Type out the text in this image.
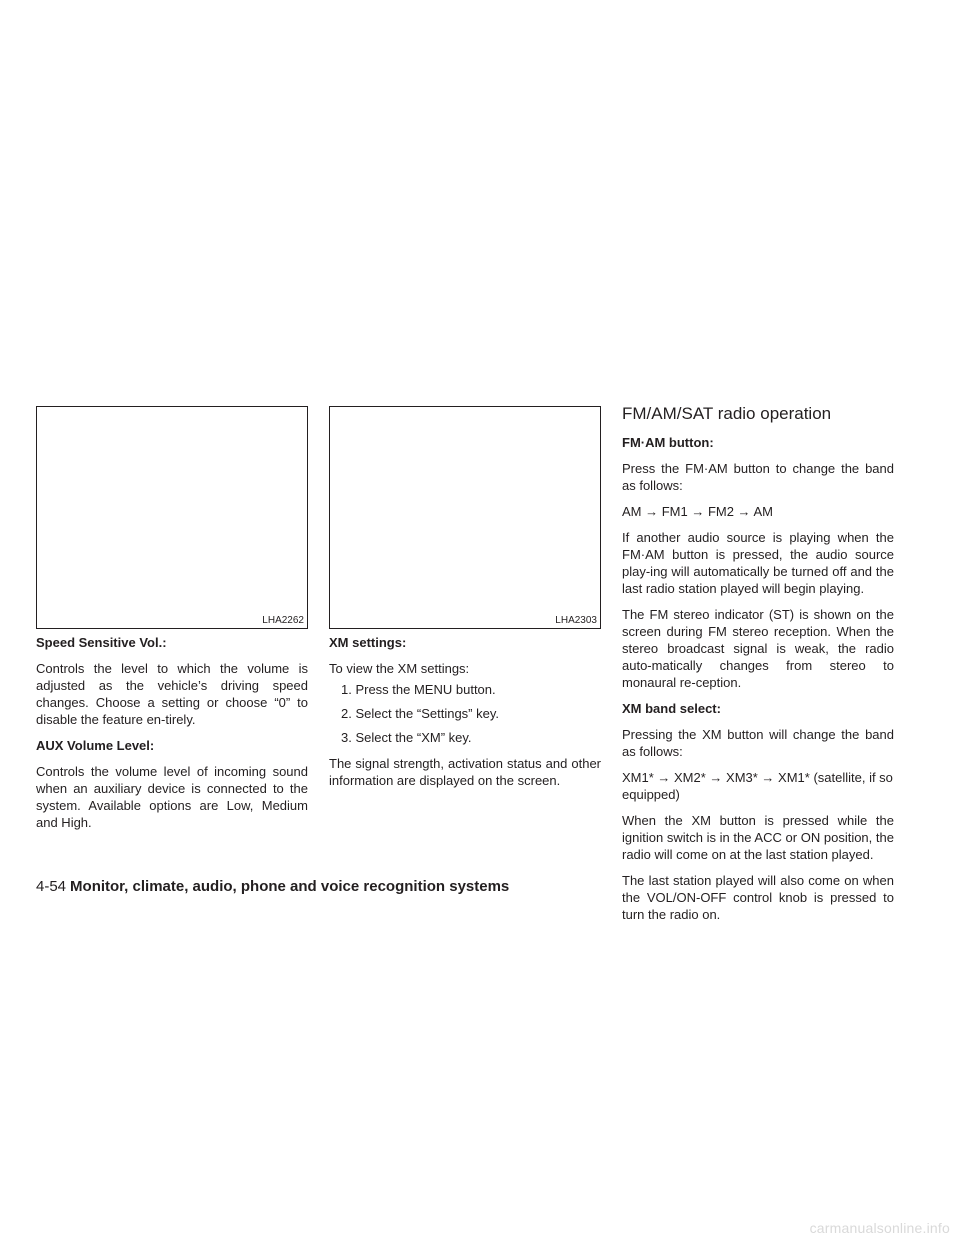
LHA2262	LHA2303

Speed Sensitive Vol.:

Controls the level to which the volume is adjusted as the vehicle’s driving speed changes. Choose a setting or choose “0” to disable the feature en-tirely.

AUX Volume Level:

Controls the volume level of incoming sound when an auxiliary device is connected to the system. Available options are Low, Medium and High.

XM settings:

To view the XM settings:

1. Press the MENU button.
2. Select the “Settings” key.
3. Select the “XM” key.

The signal strength, activation status and other information are displayed on the screen.

FM/AM/SAT radio operation

FM·AM button:

Press the FM·AM button to change the band as follows:

AM → FM1 → FM2 → AM

If another audio source is playing when the FM·AM button is pressed, the audio source play-ing will automatically be turned off and the last radio station played will begin playing.

The FM stereo indicator (ST) is shown on the screen during FM stereo reception. When the stereo broadcast signal is weak, the radio auto-matically changes from stereo to monaural re-ception.

XM band select:

Pressing the XM button will change the band as follows:

XM1* → XM2* → XM3* → XM1* (satellite, if so equipped)

When the XM button is pressed while the ignition switch is in the ACC or ON position, the radio will come on at the last station played.

The last station played will also come on when the VOL/ON-OFF control knob is pressed to turn the radio on.

4-54 Monitor, climate, audio, phone and voice recognition systems
carmanualsonline.info
